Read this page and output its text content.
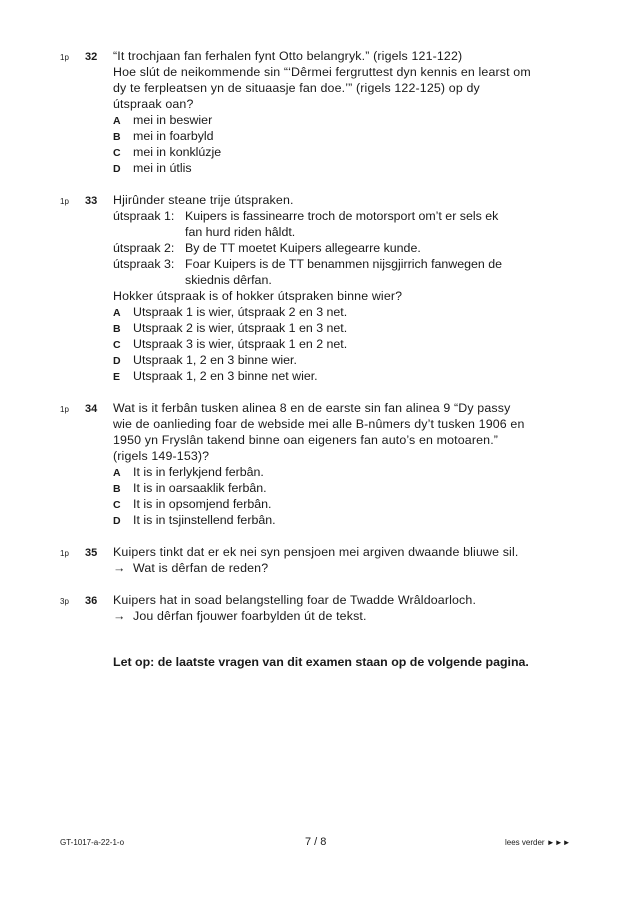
1p 32 “It trochjaan fan ferhalen fynt Otto belangryk.” (rigels 121-122)
Hoe slút de neikommende sin “‘Dêrmei fergruttest dyn kennis en learst om
dy te ferpleatsen yn de situaasje fan doe.’” (rigels 122-125) op dy
útspraak oan?
A mei in beswier
B mei in foarbyld
C mei in konklúzje
D mei in útlis
1p 33 Hjirûnder steane trije útspraken.
útspraak 1: Kuipers is fassinearre troch de motorsport om’t er sels ek
fan hurd riden hâldt.
útspraak 2: By de TT moetet Kuipers allegearre kunde.
útspraak 3: Foar Kuipers is de TT benammen nijsgjirrich fanwegen de
skiednis dêrfan.
Hokker útspraak is of hokker útspraken binne wier?
A Utspraak 1 is wier, útspraak 2 en 3 net.
B Utspraak 2 is wier, útspraak 1 en 3 net.
C Utspraak 3 is wier, útspraak 1 en 2 net.
D Utspraak 1, 2 en 3 binne wier.
E Utspraak 1, 2 en 3 binne net wier.
1p 34 Wat is it ferbân tusken alinea 8 en de earste sin fan alinea 9 “Dy passy
wie de oanlieding foar de webside mei alle B-nûmers dy’t tusken 1906 en
1950 yn Fryslân takend binne oan eigeners fan auto’s en motoaren.”
(rigels 149-153)?
A It is in ferlykjend ferbân.
B It is in oarsaaklik ferbân.
C It is in opsomjend ferbân.
D It is in tsjinstellend ferbân.
1p 35 Kuipers tinkt dat er ek nei syn pensjoen mei argiven dwaande bliuwe sil.
→ Wat is dêrfan de reden?
3p 36 Kuipers hat in soad belangstelling foar de Twadde Wrâldoarloch.
→ Jou dêrfan fjouwer foarbylden út de tekst.
Let op: de laatste vragen van dit examen staan op de volgende pagina.
GT-1017-a-22-1-o	7 / 8	lees verder ►►►
